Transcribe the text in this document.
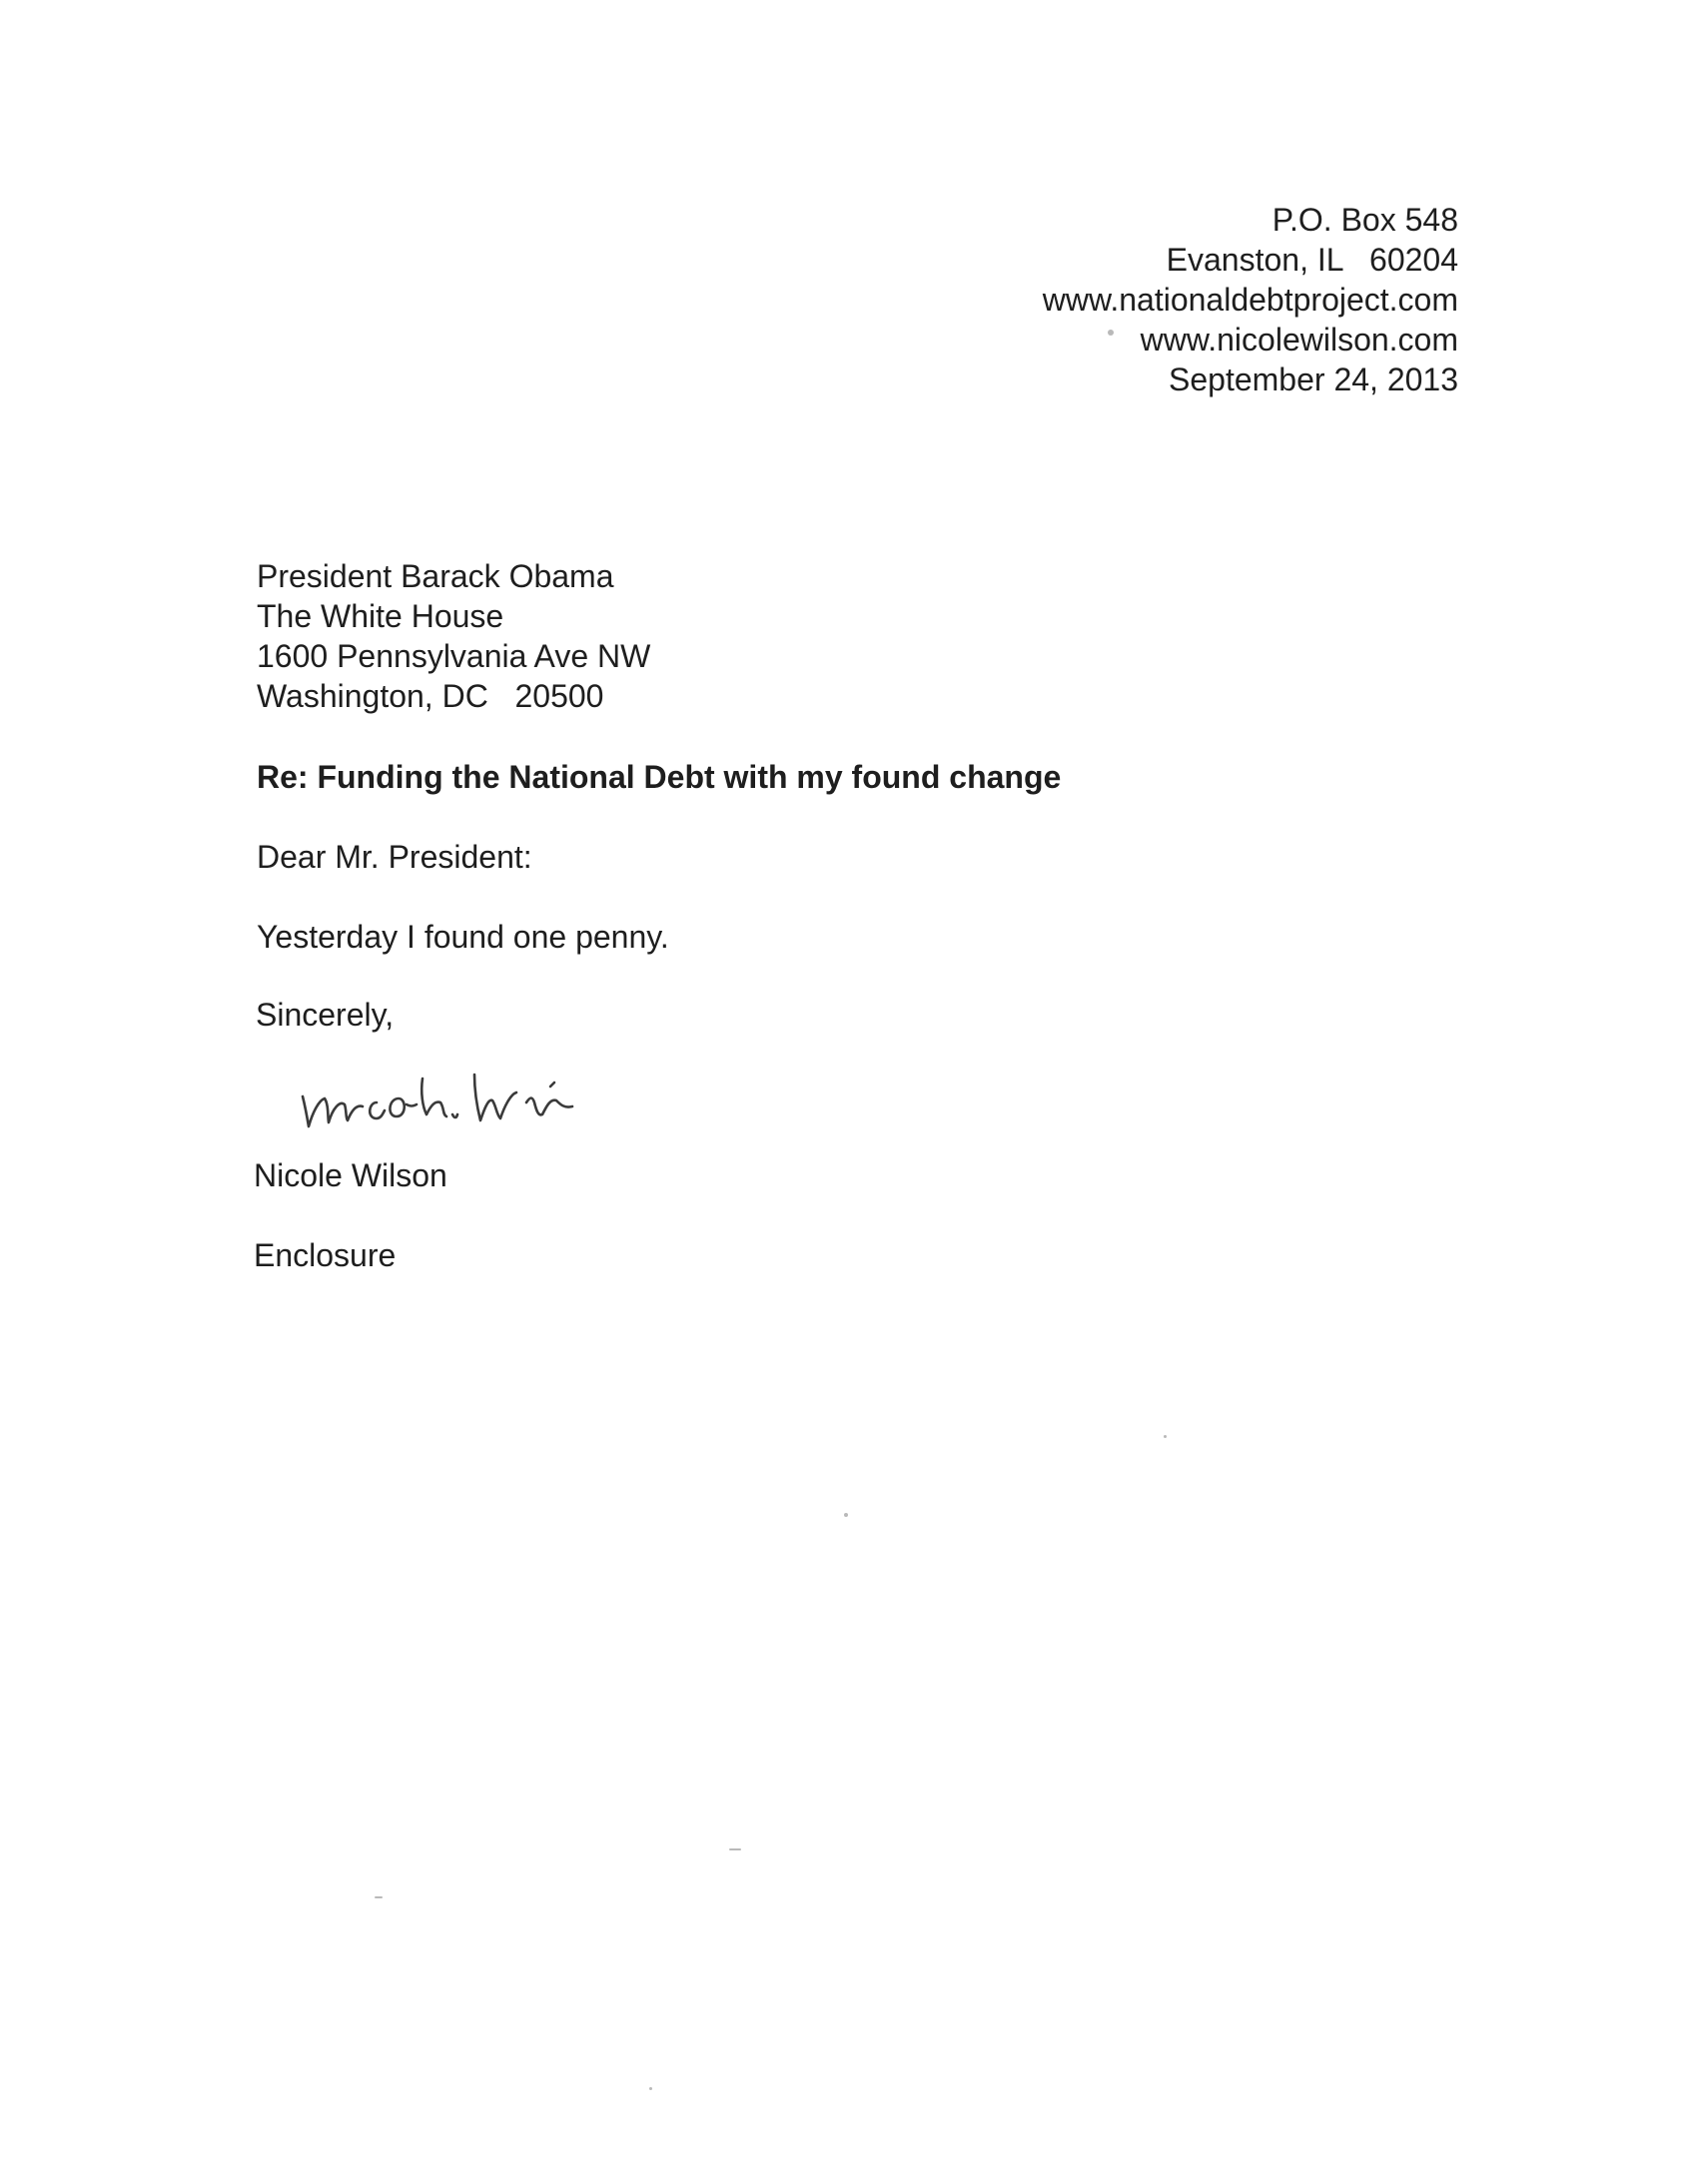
P.O. Box 548
Evanston, IL   60204
www.nationaldebtproject.com
www.nicolewilson.com
September 24, 2013
President Barack Obama
The White House
1600 Pennsylvania Ave NW
Washington, DC   20500
Re: Funding the National Debt with my found change
Dear Mr. President:
Yesterday I found one penny.
Sincerely,
Nicole Wilson
Enclosure
